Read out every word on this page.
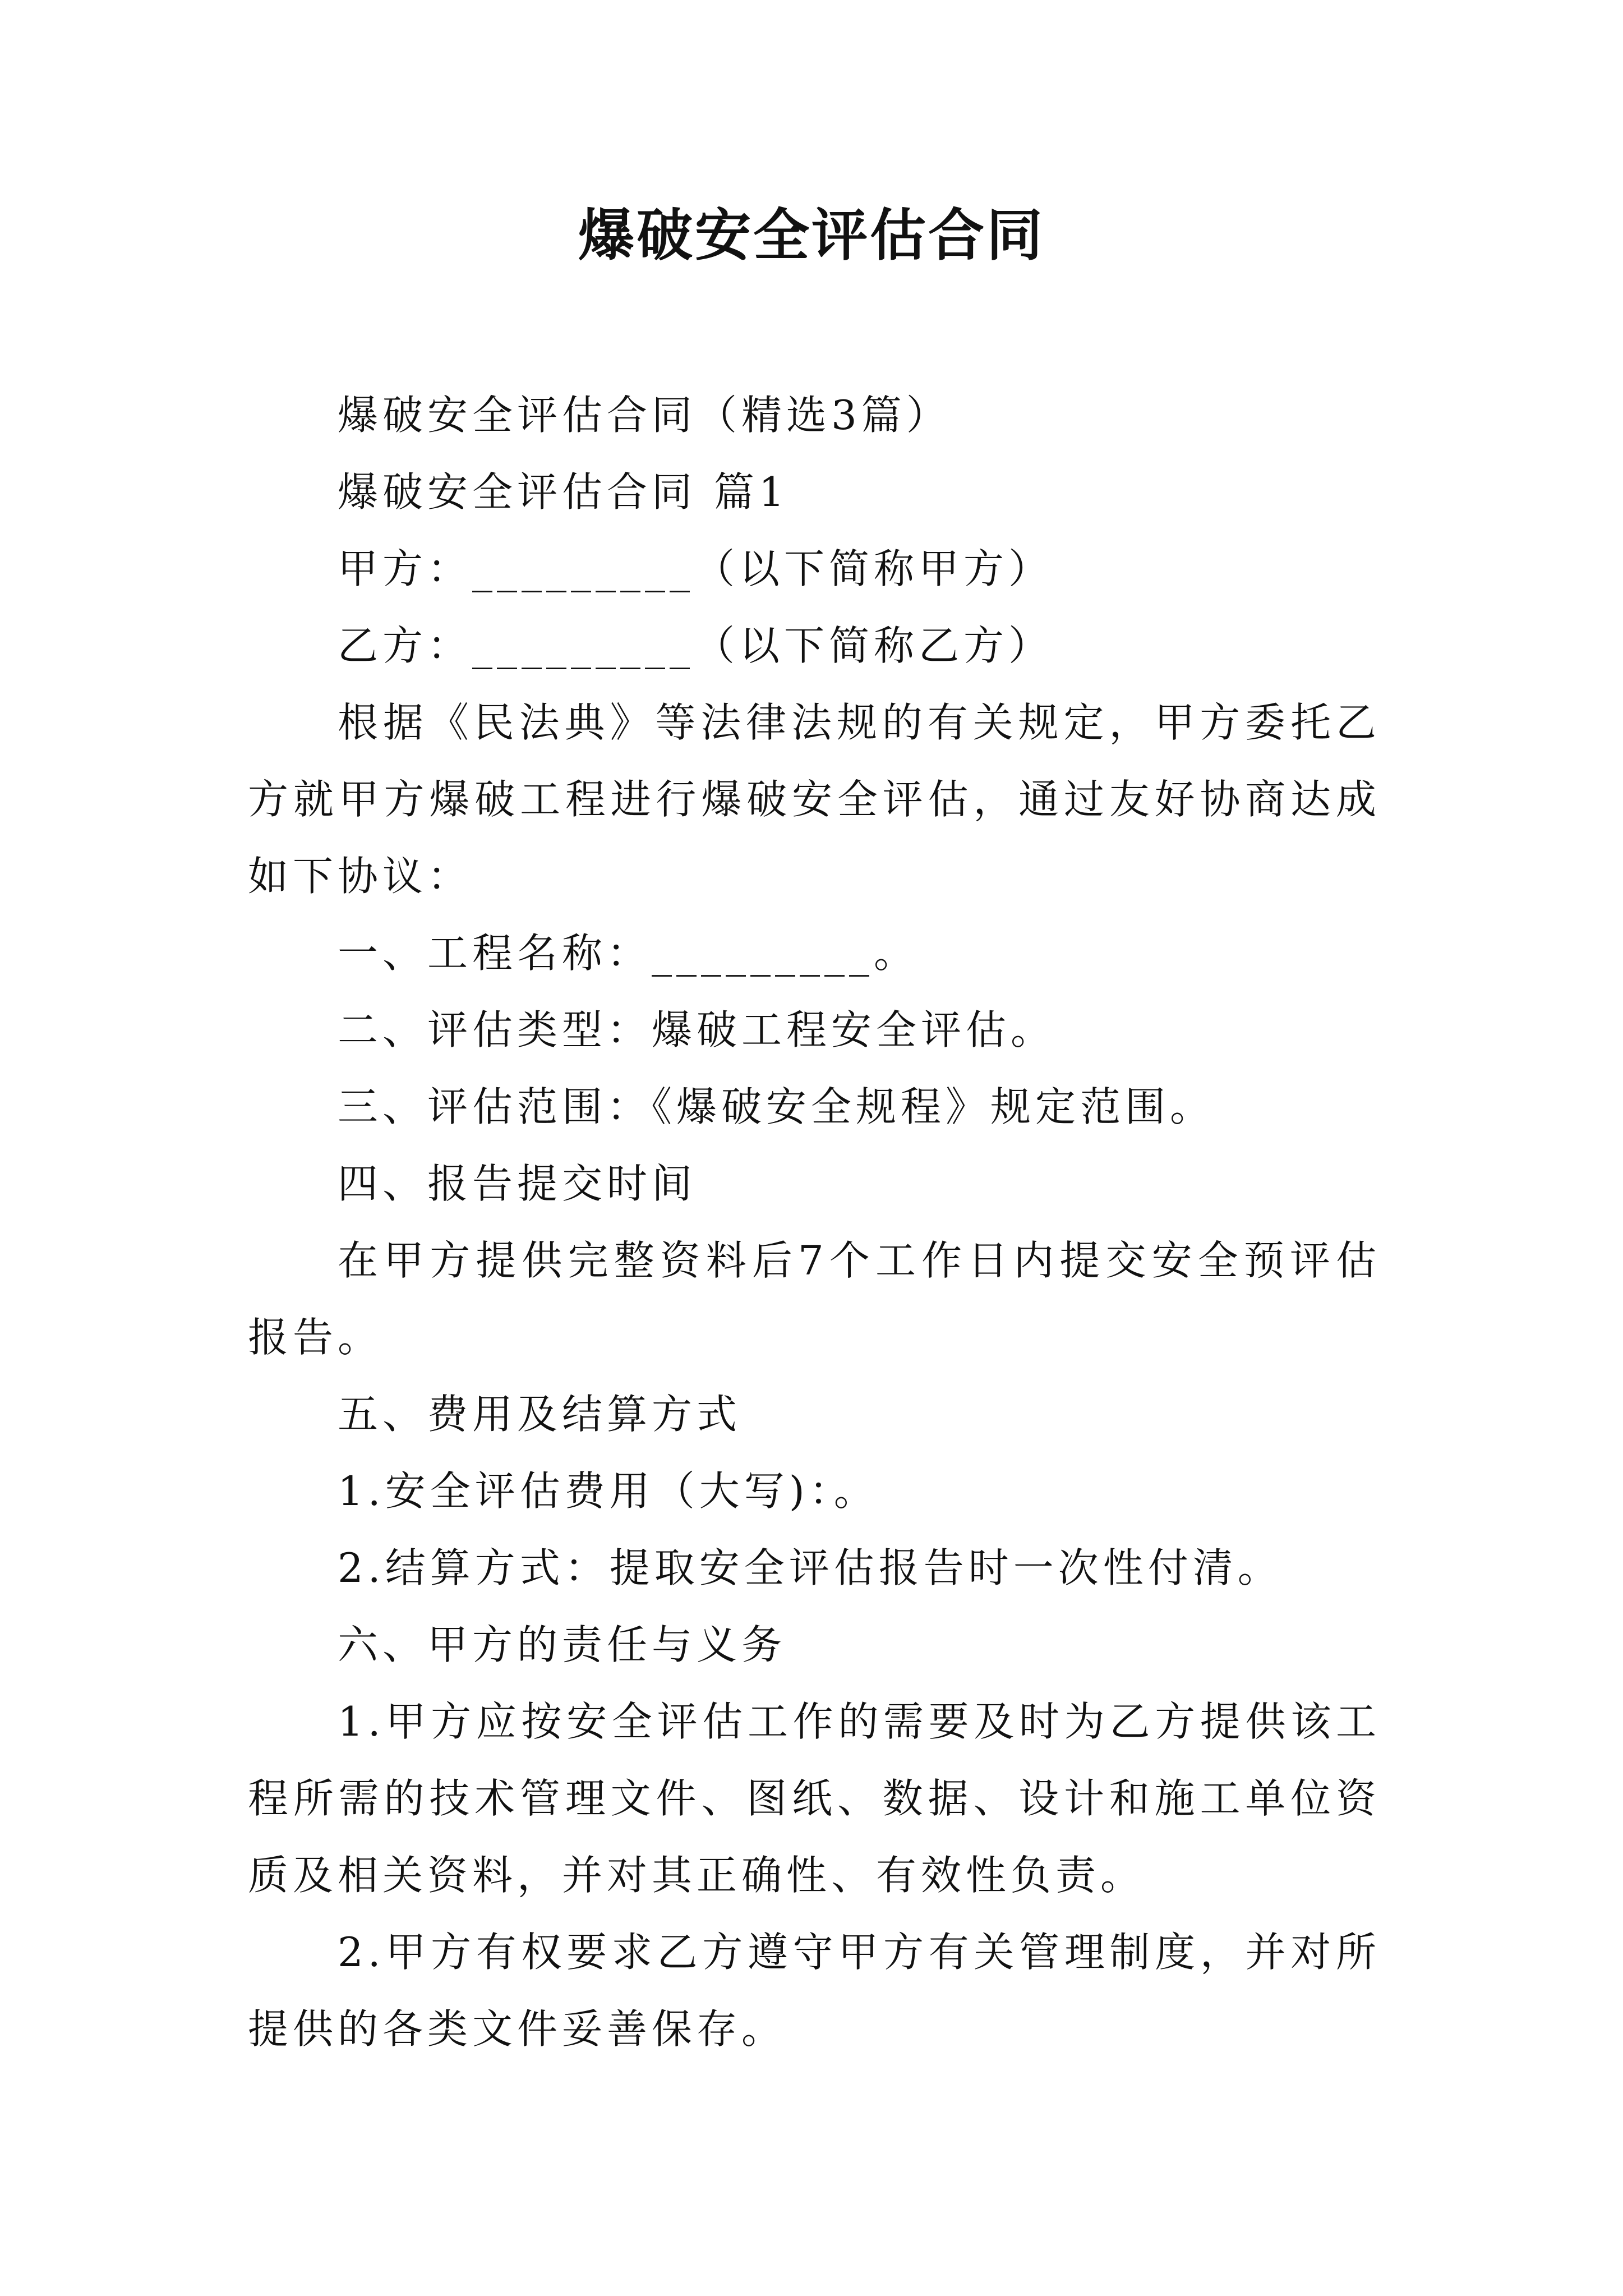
爆破安全评估合同

爆破安全评估合同（精选3篇）

爆破安全评估合同 篇1

甲方：_________（以下简称甲方）

乙方：_________（以下简称乙方）

根据《民法典》等法律法规的有关规定，甲方委托乙方就甲方爆破工程进行爆破安全评估，通过友好协商达成如下协议：

一、工程名称：_________。

二、评估类型：爆破工程安全评估。

三、评估范围：《爆破安全规程》规定范围。

四、报告提交时间

在甲方提供完整资料后7个工作日内提交安全预评估报告。

五、费用及结算方式

1.安全评估费用（大写)：。

2.结算方式：提取安全评估报告时一次性付清。

六、甲方的责任与义务

1.甲方应按安全评估工作的需要及时为乙方提供该工程所需的技术管理文件、图纸、数据、设计和施工单位资质及相关资料，并对其正确性、有效性负责。

2.甲方有权要求乙方遵守甲方有关管理制度，并对所提供的各类文件妥善保存。
